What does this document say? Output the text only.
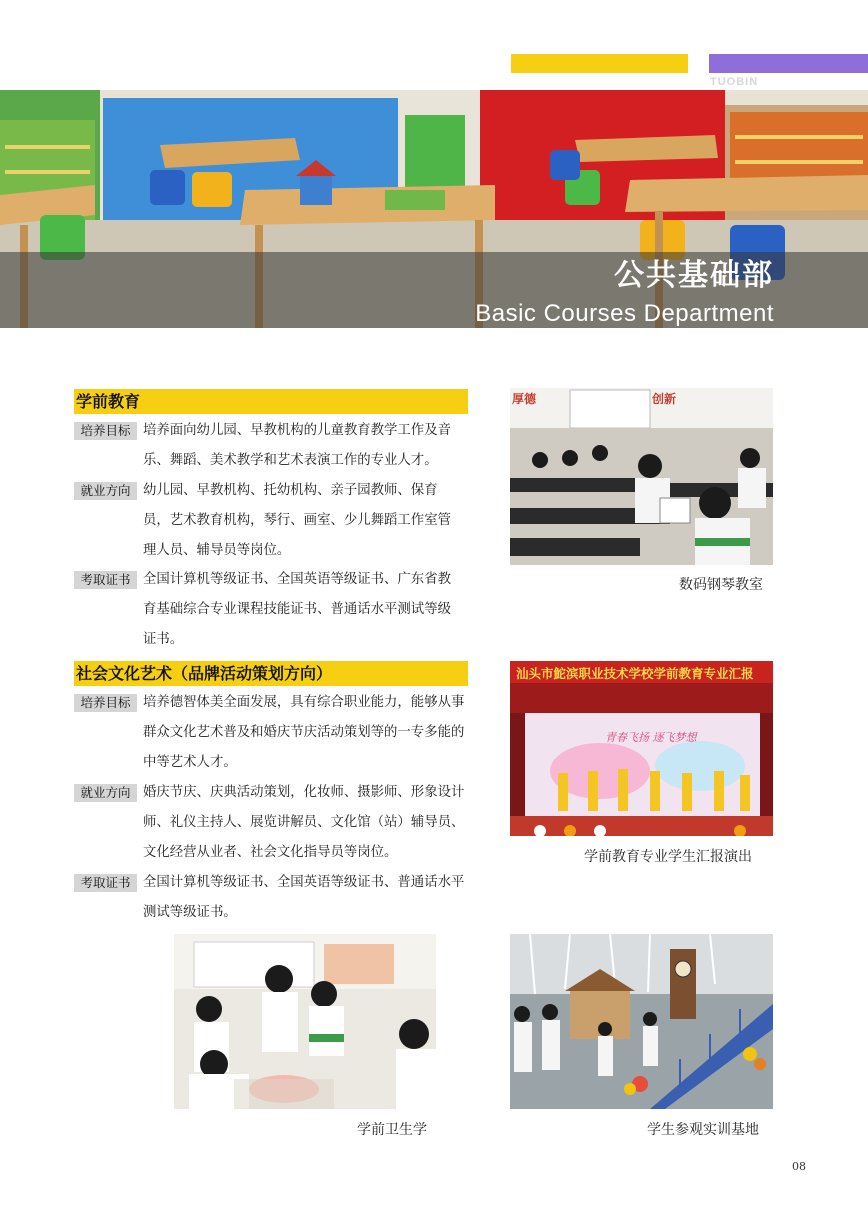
TUOBIN
公共基础部
Basic Courses Department
学前教育
培养目标 培养面向幼儿园、早教机构的儿童教育教学工作及音
乐、舞蹈、美术教学和艺术表演工作的专业人才。
就业方向 幼儿园、早教机构、托幼机构、亲子园教师、保育
员，艺术教育机构，琴行、画室、少儿舞蹈工作室管
理人员、辅导员等岗位。
考取证书 全国计算机等级证书、全国英语等级证书、广东省教
育基础综合专业课程技能证书、普通话水平测试等级
证书。
社会文化艺术（品牌活动策划方向）
培养目标 培养德智体美全面发展，具有综合职业能力，能够从事
群众文化艺术普及和婚庆节庆活动策划等的一专多能的
中等艺术人才。
就业方向 婚庆节庆、庆典活动策划，化妆师、摄影师、形象设计
师、礼仪主持人、展览讲解员、文化馆（站）辅导员、
文化经营从业者、社会文化指导员等岗位。
考取证书 全国计算机等级证书、全国英语等级证书、普通话水平
测试等级证书。
厚德	创新
数码钢琴教室
汕头市鮀滨职业技术学校学前教育专业汇报
青春飞扬 逐飞梦想
学前教育专业学生汇报演出
学前卫生学	学生参观实训基地
08
